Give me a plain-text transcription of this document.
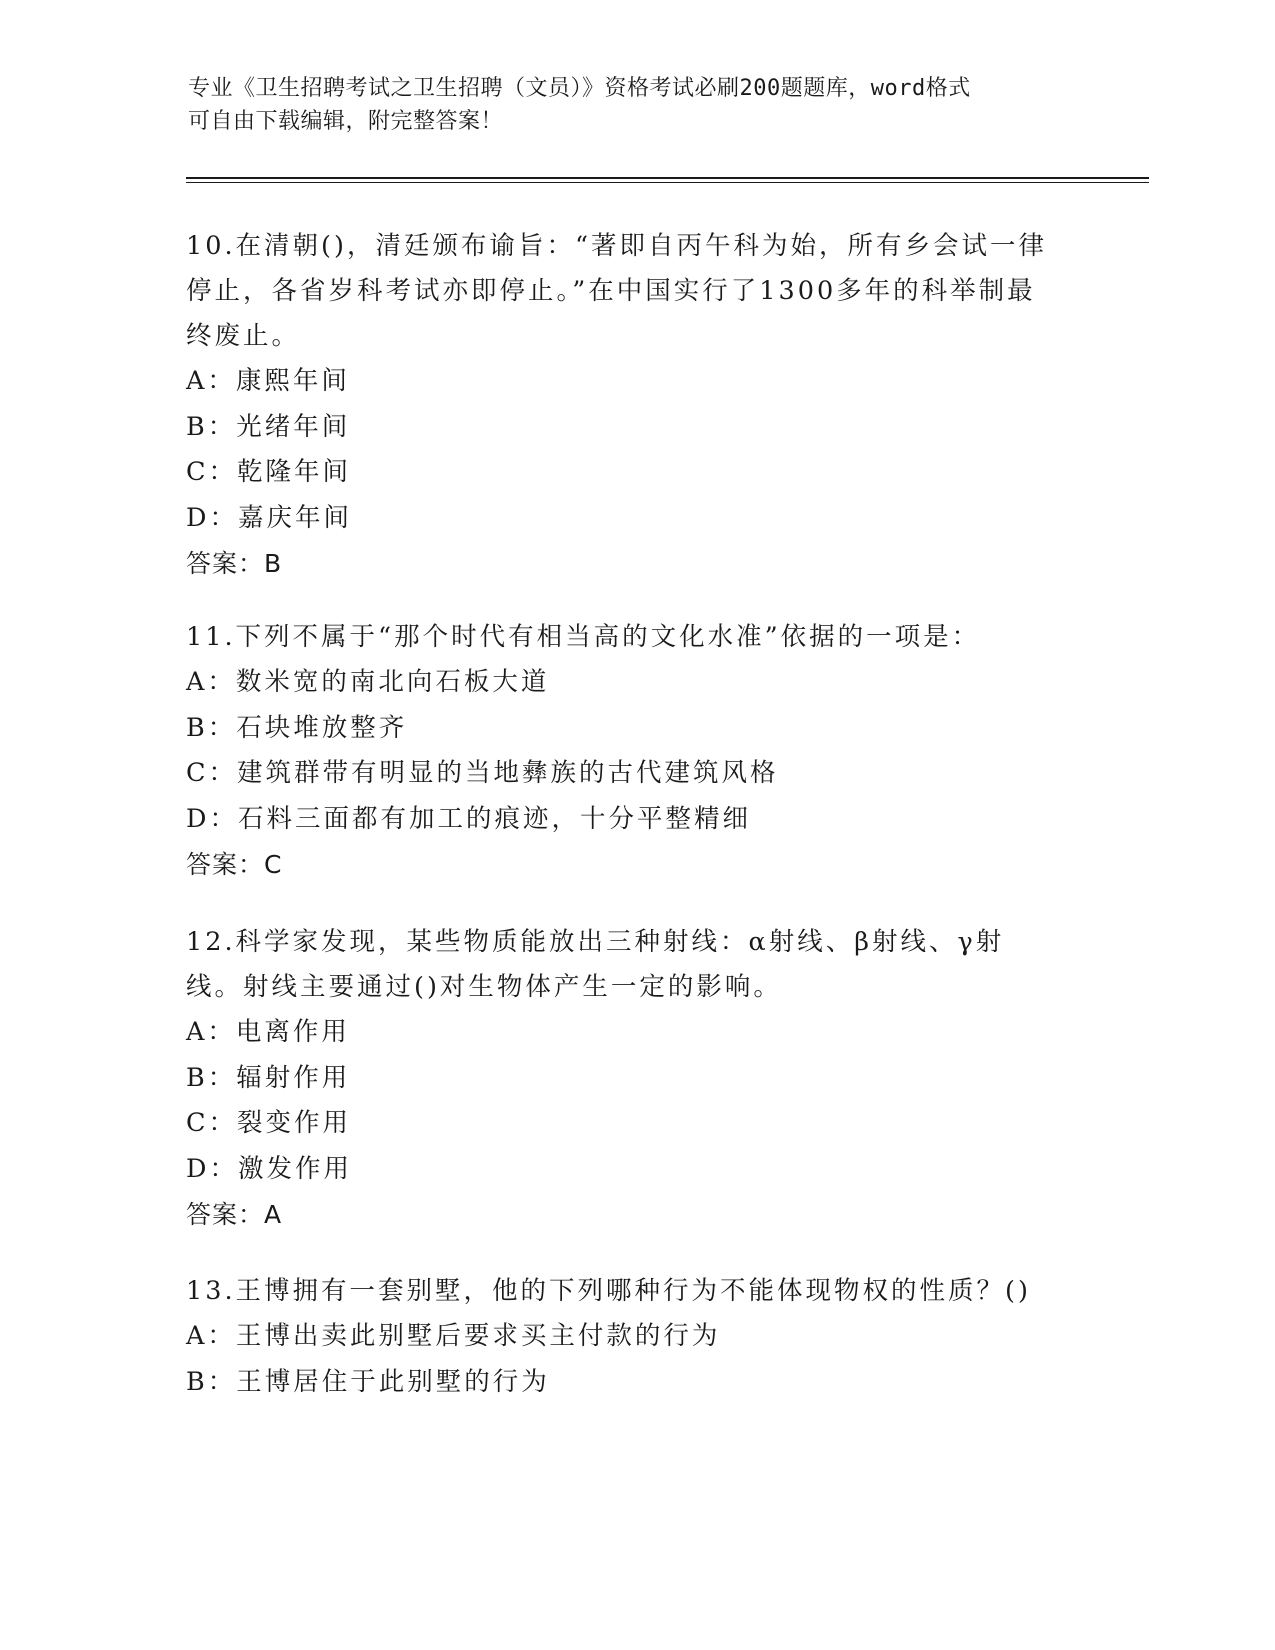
专业《卫生招聘考试之卫生招聘（文员）》资格考试必刷200题题库，word格式
可自由下载编辑，附完整答案！
10.在清朝()，清廷颁布谕旨：“著即自丙午科为始，所有乡会试一律
停止，各省岁科考试亦即停止。”在中国实行了1300多年的科举制最
终废止。
A：康熙年间
B：光绪年间
C：乾隆年间
D：嘉庆年间
答案：B
11.下列不属于“那个时代有相当高的文化水准”依据的一项是：
A：数米宽的南北向石板大道
B：石块堆放整齐
C：建筑群带有明显的当地彝族的古代建筑风格
D：石料三面都有加工的痕迹，十分平整精细
答案：C
12.科学家发现，某些物质能放出三种射线：α射线、β射线、γ射
线。射线主要通过()对生物体产生一定的影响。
A：电离作用
B：辐射作用
C：裂变作用
D：激发作用
答案：A
13.王博拥有一套别墅，他的下列哪种行为不能体现物权的性质？()
A：王博出卖此别墅后要求买主付款的行为
B：王博居住于此别墅的行为
